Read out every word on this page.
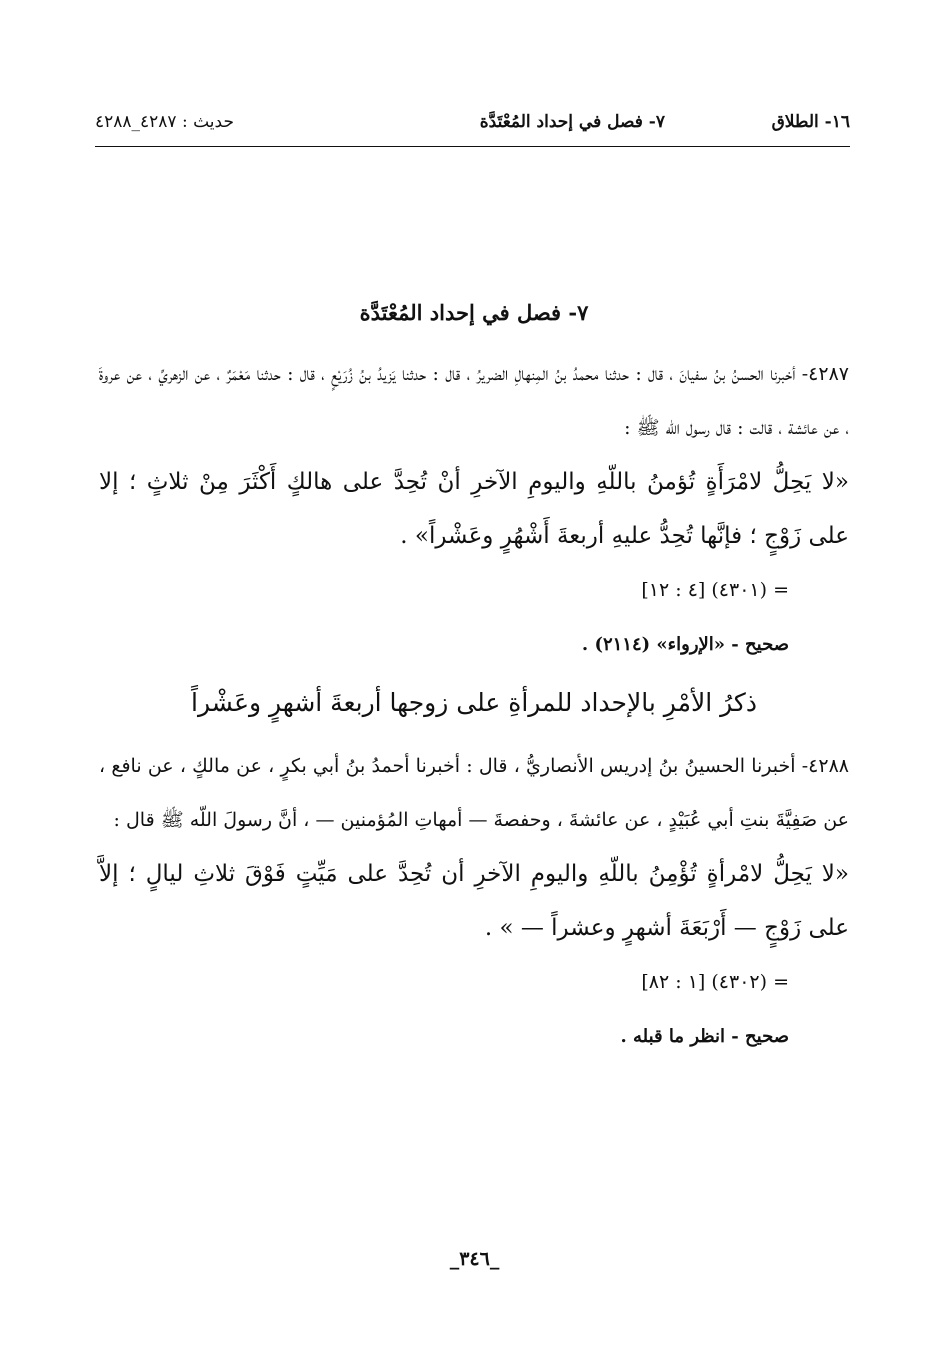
١٦- الطلاق
٧- فصل في إحداد المُعْتَدَّة
حديث : ٤٢٨٧_٤٢٨٨
٧- فصل في إحداد المُعْتَدَّة

٤٢٨٧- أخبرنا الحسنُ بنُ سفيانَ ، قال : حدثنا محمدُ بنُ المِنهالِ الضريرُ ، قال : حدثنا يَزيدُ بنُ زُرَيْعٍ ، قال : حدثنا مَعْمَرٌ ، عن الزهريِّ ، عن عروةَ ، عن عائشة ، قالت : قال رسول اللّه ﷺ :

«لا يَحِلُّ لامْرَأَةٍ تُؤمنُ باللّهِ واليومِ الآخرِ أنْ تُحِدَّ على هالكٍ أَكْثَرَ مِنْ ثلاثٍ ؛ إلا على زَوْجٍ ؛ فإنَّها تُحِدُّ عليهِ أربعةَ أَشْهُرٍ وعَشْراً» .

= (٤٣٠١) [٤ : ١٢]

صحيح - «الإرواء» (٢١١٤) .

ذكرُ الأمْرِ بالإحداد للمرأةِ على زوجها أربعةَ أشهرٍ وعَشْراً

٤٢٨٨- أخبرنا الحسينُ بنُ إدريس الأنصاريُّ ، قال : أخبرنا أحمدُ بنُ أبي بكرٍ ، عن مالكٍ ، عن نافع ، عن صَفِيَّةَ بنتِ أبي عُبَيْدٍ ، عن عائشةَ ، وحفصةَ — أمهاتِ المُؤمنين — ، أنَّ رسولَ اللّه ﷺ قال :

«لا يَحِلُّ لامْرأةٍ تُؤْمِنُ باللّهِ واليومِ الآخرِ أن تُحِدَّ على مَيِّتٍ فَوْقَ ثلاثِ ليالٍ ؛ إلاَّ على زَوْجٍ — أَرْبَعَةَ أشهرٍ وعشراً — » .

= (٤٣٠٢) [١ : ٨٢]

صحيح - انظر ما قبله .

_٣٤٦_
